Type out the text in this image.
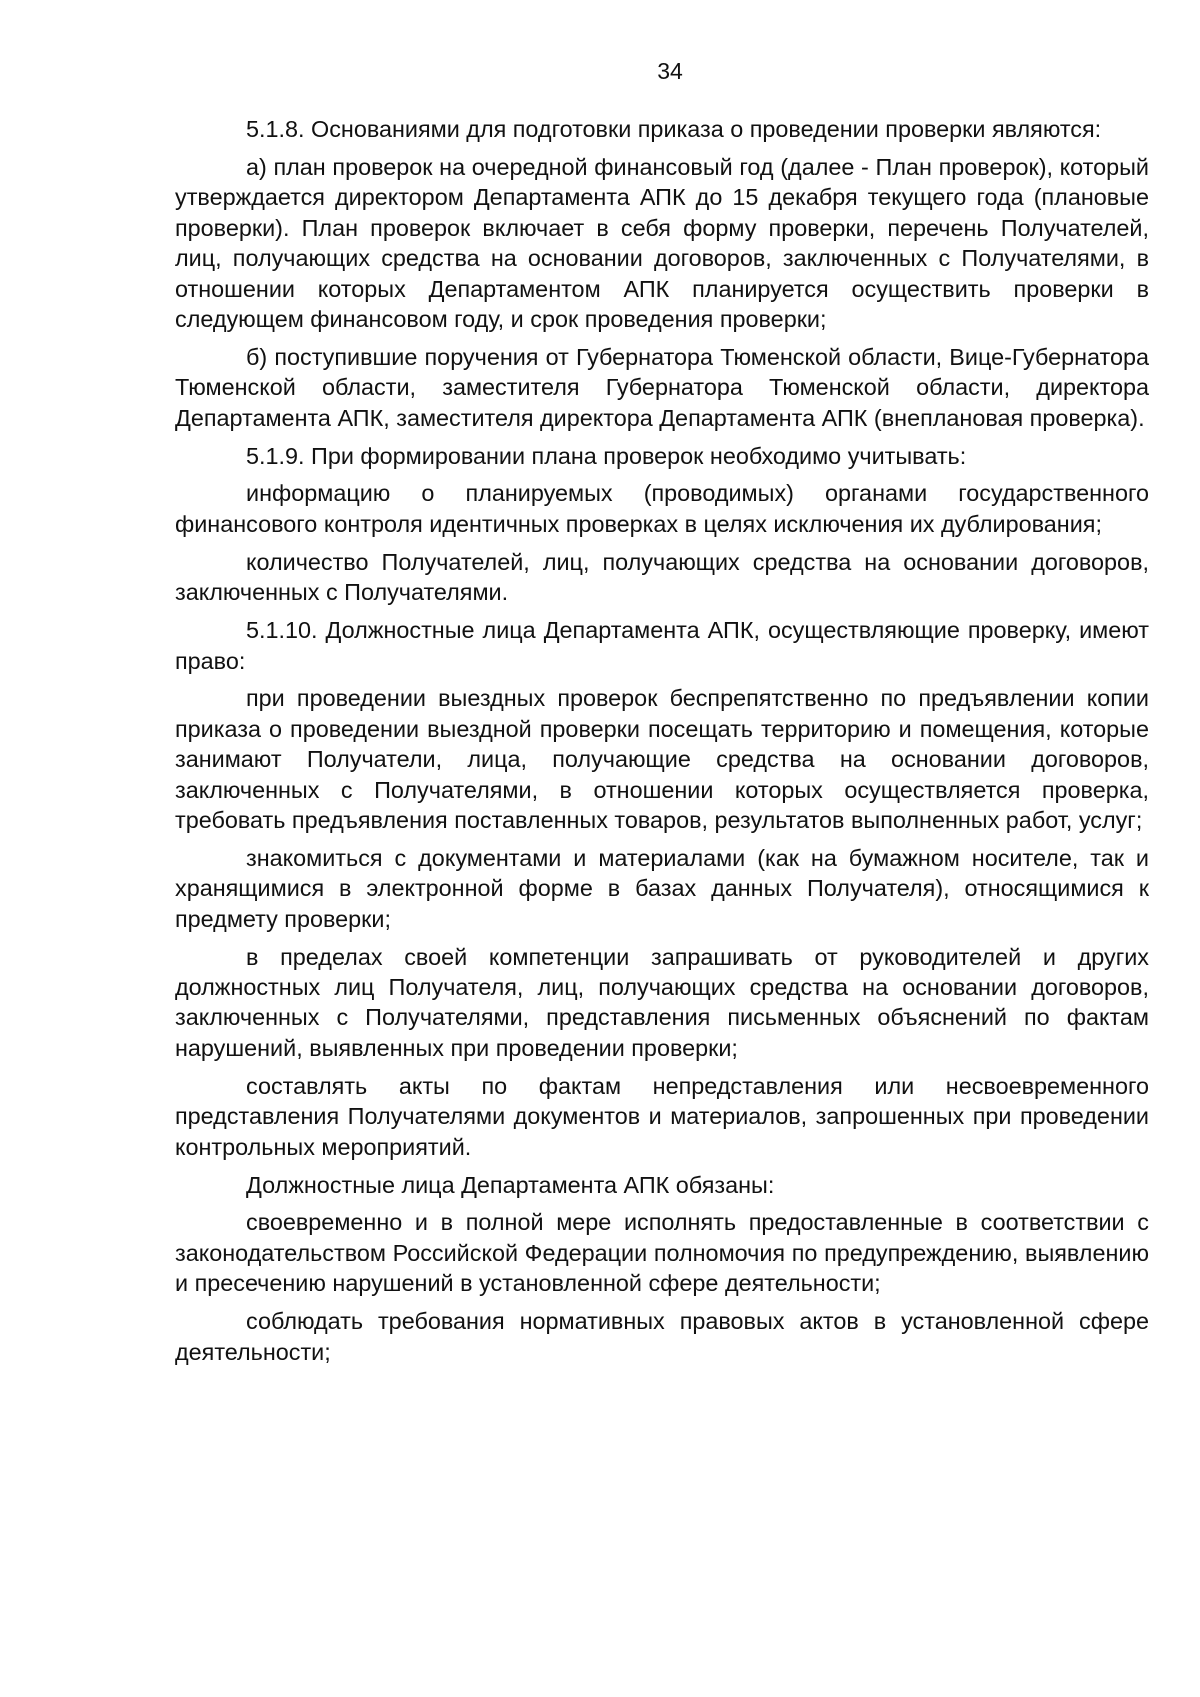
34

5.1.8. Основаниями для подготовки приказа о проведении проверки являются:

а) план проверок на очередной финансовый год (далее - План проверок), который утверждается директором Департамента АПК до 15 декабря текущего года (плановые проверки). План проверок включает в себя форму проверки, перечень Получателей, лиц, получающих средства на основании договоров, заключенных с Получателями, в отношении которых Департаментом АПК планируется осуществить проверки в следующем финансовом году, и срок проведения проверки;

б) поступившие поручения от Губернатора Тюменской области, Вице-Губернатора Тюменской области, заместителя Губернатора Тюменской области, директора Департамента АПК, заместителя директора Департамента АПК (внеплановая проверка).

5.1.9. При формировании плана проверок необходимо учитывать:

информацию о планируемых (проводимых) органами государственного финансового контроля идентичных проверках в целях исключения их дублирования;

количество Получателей, лиц, получающих средства на основании договоров, заключенных с Получателями.

5.1.10. Должностные лица Департамента АПК, осуществляющие проверку, имеют право:

при проведении выездных проверок беспрепятственно по предъявлении копии приказа о проведении выездной проверки посещать территорию и помещения, которые занимают Получатели, лица, получающие средства на основании договоров, заключенных с Получателями, в отношении которых осуществляется проверка, требовать предъявления поставленных товаров, результатов выполненных работ, услуг;

знакомиться с документами и материалами (как на бумажном носителе, так и хранящимися в электронной форме в базах данных Получателя), относящимися к предмету проверки;

в пределах своей компетенции запрашивать от руководителей и других должностных лиц Получателя, лиц, получающих средства на основании договоров, заключенных с Получателями, представления письменных объяснений по фактам нарушений, выявленных при проведении проверки;

составлять акты по фактам непредставления или несвоевременного представления Получателями документов и материалов, запрошенных при проведении контрольных мероприятий.

Должностные лица Департамента АПК обязаны:

своевременно и в полной мере исполнять предоставленные в соответствии с законодательством Российской Федерации полномочия по предупреждению, выявлению и пресечению нарушений в установленной сфере деятельности;

соблюдать требования нормативных правовых актов в установленной сфере деятельности;
